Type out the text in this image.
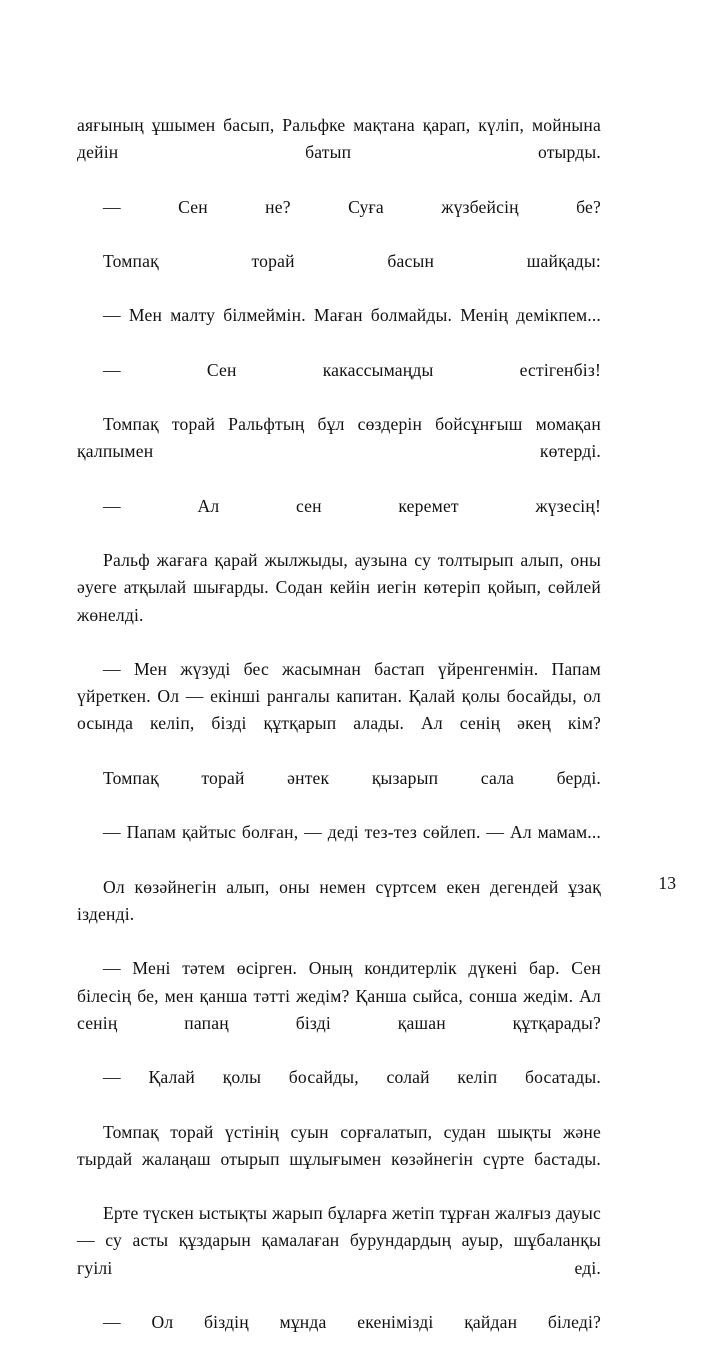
аяғының ұшымен басып, Ральфке мақтана қарап, күліп, мойнына дейін батып отырды.

— Сен не? Суға жүзбейсің бе?

Томпақ торай басын шайқады:

— Мен малту білмеймін. Маған болмайды. Менің демікпем...

— Сен какассымаңды естігенбіз!

Томпақ торай Ральфтың бұл сөздерін бойсұнғыш момақан қалпымен көтерді.

— Ал сен керемет жүзесің!

Ральф жағаға қарай жылжыды, аузына су толтырып алып, оны әуеге атқылай шығарды. Содан кейін иегін көтеріп қойып, сөйлей жөнелді.

— Мен жүзуді бес жасымнан бастап үйренгенмін. Папам үйреткен. Ол — екінші рангалы капитан. Қалай қолы босайды, ол осында келіп, бізді құтқарып алады. Ал сенің әкең кім?

Томпақ торай әнтек қызарып сала берді.

— Папам қайтыс болған, — деді тез-тез сөйлеп. — Ал мамам...

Ол көзәйнегін алып, оны немен сүртсем екен дегендей ұзақ ізденді.

— Мені тәтем өсірген. Оның кондитерлік дүкені бар. Сен білесің бе, мен қанша тәтті жедім? Қанша сыйса, сонша жедім. Ал сенің папаң бізді қашан құтқарады?

— Қалай қолы босайды, солай келіп босатады.

Томпақ торай үстінің суын сорғалатып, судан шықты және тырдай жалаңаш отырып шұлығымен көзәйнегін сүрте бастады.

Ерте түскен ыстықты жарып бұларға жетіп тұрған жалғыз дауыс — су асты құздарын қамалаған бурундардың ауыр, шұбаланқы гуілі еді.

— Ол біздің мұнда екенімізді қайдан біледі?

13
